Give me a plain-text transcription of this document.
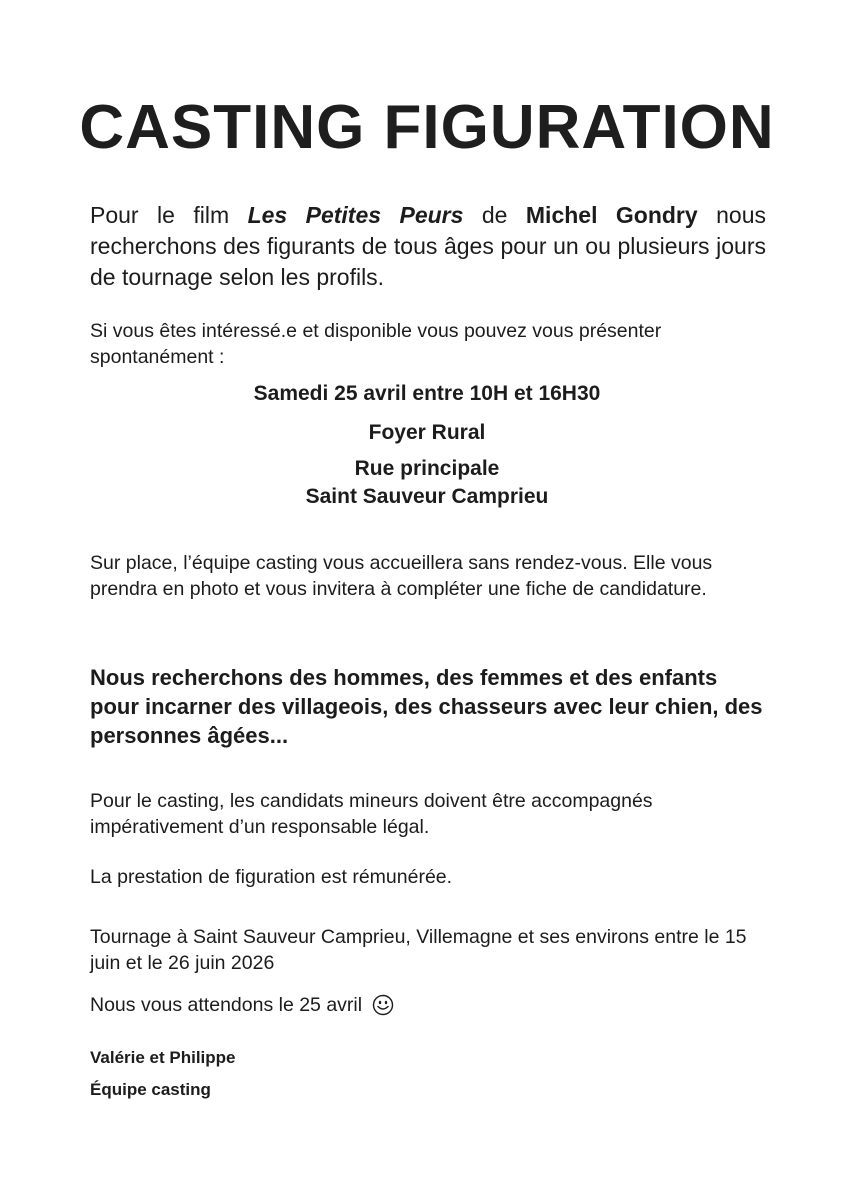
CASTING FIGURATION

Pour le film Les Petites Peurs de Michel Gondry nous recherchons des figurants de tous âges pour un ou plusieurs jours de tournage selon les profils.

Si vous êtes intéressé.e et disponible vous pouvez vous présenter spontanément :

Samedi 25 avril entre 10H et 16H30

Foyer Rural

Rue principale

Saint Sauveur Camprieu

Sur place, l’équipe casting vous accueillera sans rendez-vous. Elle vous prendra en photo et vous invitera à compléter une fiche de candidature.

Nous recherchons des hommes, des femmes et des enfants pour incarner des villageois, des chasseurs avec leur chien, des personnes âgées...

Pour le casting, les candidats mineurs doivent être accompagnés impérativement d’un responsable légal.

La prestation de figuration est rémunérée.

Tournage à Saint Sauveur Camprieu, Villemagne et ses environs entre le 15 juin et le 26 juin 2026

Nous vous attendons le 25 avril

Valérie et Philippe

Équipe casting
